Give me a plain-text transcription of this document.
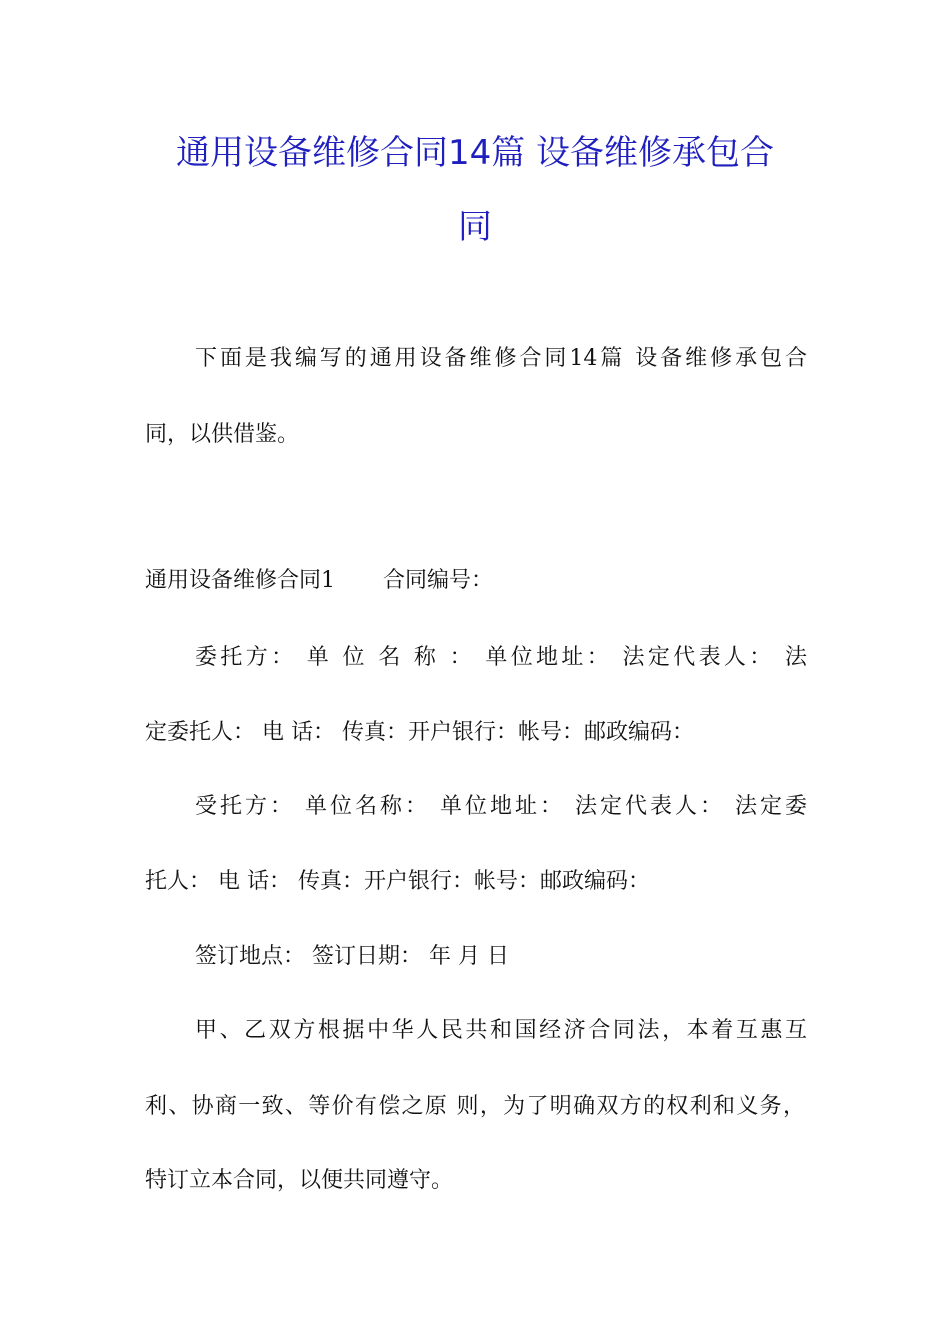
通用设备维修合同14篇 设备维修承包合
同

下面是我编写的通用设备维修合同14篇 设备维修承包合

同，以供借鉴。

通用设备维修合同1 合同编号：

委托方： 单 位 名 称 ： 单位地址： 法定代表人： 法

定委托人： 电 话： 传真：开户银行：帐号：邮政编码：

受托方： 单位名称： 单位地址： 法定代表人： 法定委

托人： 电 话： 传真：开户银行：帐号：邮政编码：

签订地点： 签订日期： 年 月 日

甲、乙双方根据中华人民共和国经济合同法，本着互惠互

利、协商一致、等价有偿之原 则，为了明确双方的权利和义务，

特订立本合同，以便共同遵守。
